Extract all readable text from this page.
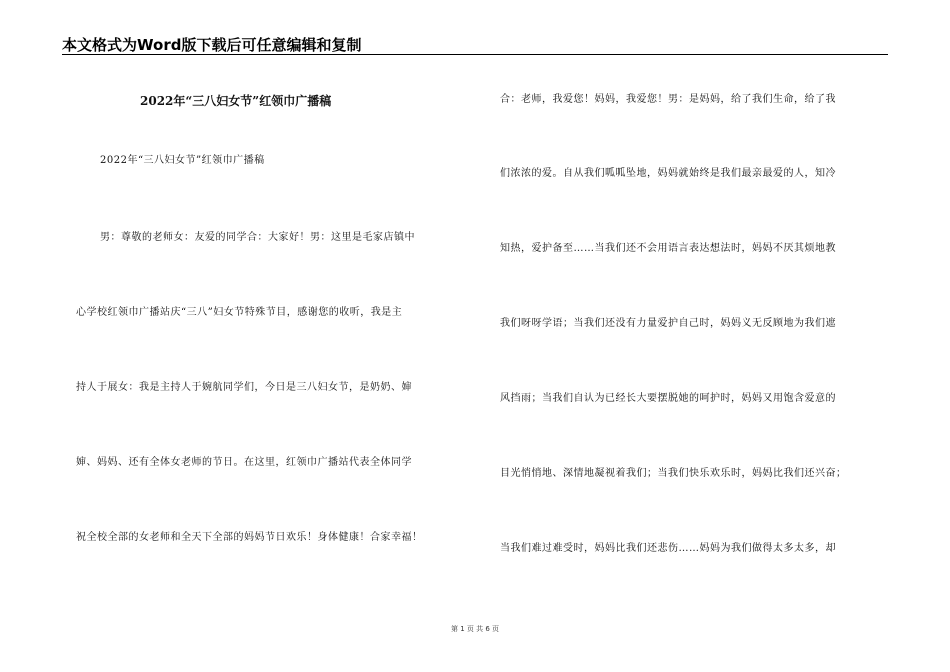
本文格式为Word版下载后可任意编辑和复制
2022年“三八妇女节”红领巾广播稿
2022年“三八妇女节”红领巾广播稿
男：尊敬的老师女：友爱的同学合：大家好！男：这里是毛家店镇中
心学校红领巾广播站庆“三八”妇女节特殊节目，感谢您的收听，我是主
持人于展女：我是主持人于婉航同学们，今日是三八妇女节，是奶奶、婶
婶、妈妈、还有全体女老师的节日。在这里，红领巾广播站代表全体同学
祝全校全部的女老师和全天下全部的妈妈节日欢乐！身体健康！合家幸福！
合：老师，我爱您！妈妈，我爱您！男：是妈妈，给了我们生命，给了我
们浓浓的爱。自从我们呱呱坠地，妈妈就始终是我们最亲最爱的人，知冷
知热，爱护备至……当我们还不会用语言表达想法时，妈妈不厌其烦地教
我们呀呀学语；当我们还没有力量爱护自己时，妈妈义无反顾地为我们遮
风挡雨；当我们自认为已经长大要摆脱她的呵护时，妈妈又用饱含爱意的
目光悄悄地、深情地凝视着我们；当我们快乐欢乐时，妈妈比我们还兴奋；
当我们难过难受时，妈妈比我们还悲伤……妈妈为我们做得太多太多，却
第 1 页 共 6 页
